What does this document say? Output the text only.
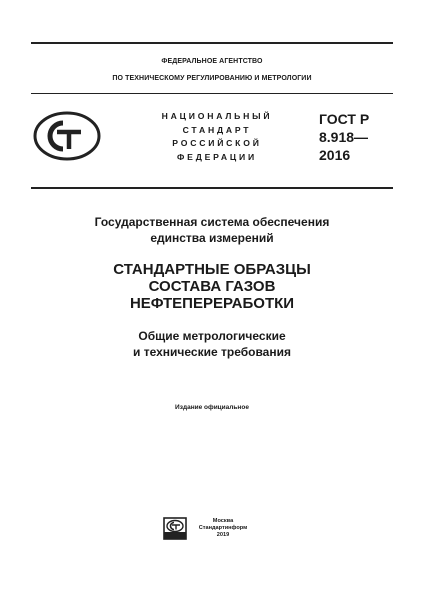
ФЕДЕРАЛЬНОЕ АГЕНТСТВО
ПО ТЕХНИЧЕСКОМУ РЕГУЛИРОВАНИЮ И МЕТРОЛОГИИ
НАЦИОНАЛЬНЫЙ
СТАНДАРТ
РОССИЙСКОЙ
ФЕДЕРАЦИИ
ГОСТ Р
8.918—
2016
Государственная система обеспечения
единства измерений
СТАНДАРТНЫЕ ОБРАЗЦЫ
СОСТАВА ГАЗОВ
НЕФТЕПЕРЕРАБОТКИ
Общие метрологические
и технические требования
Издание официальное
Москва
Стандартинформ
2019
